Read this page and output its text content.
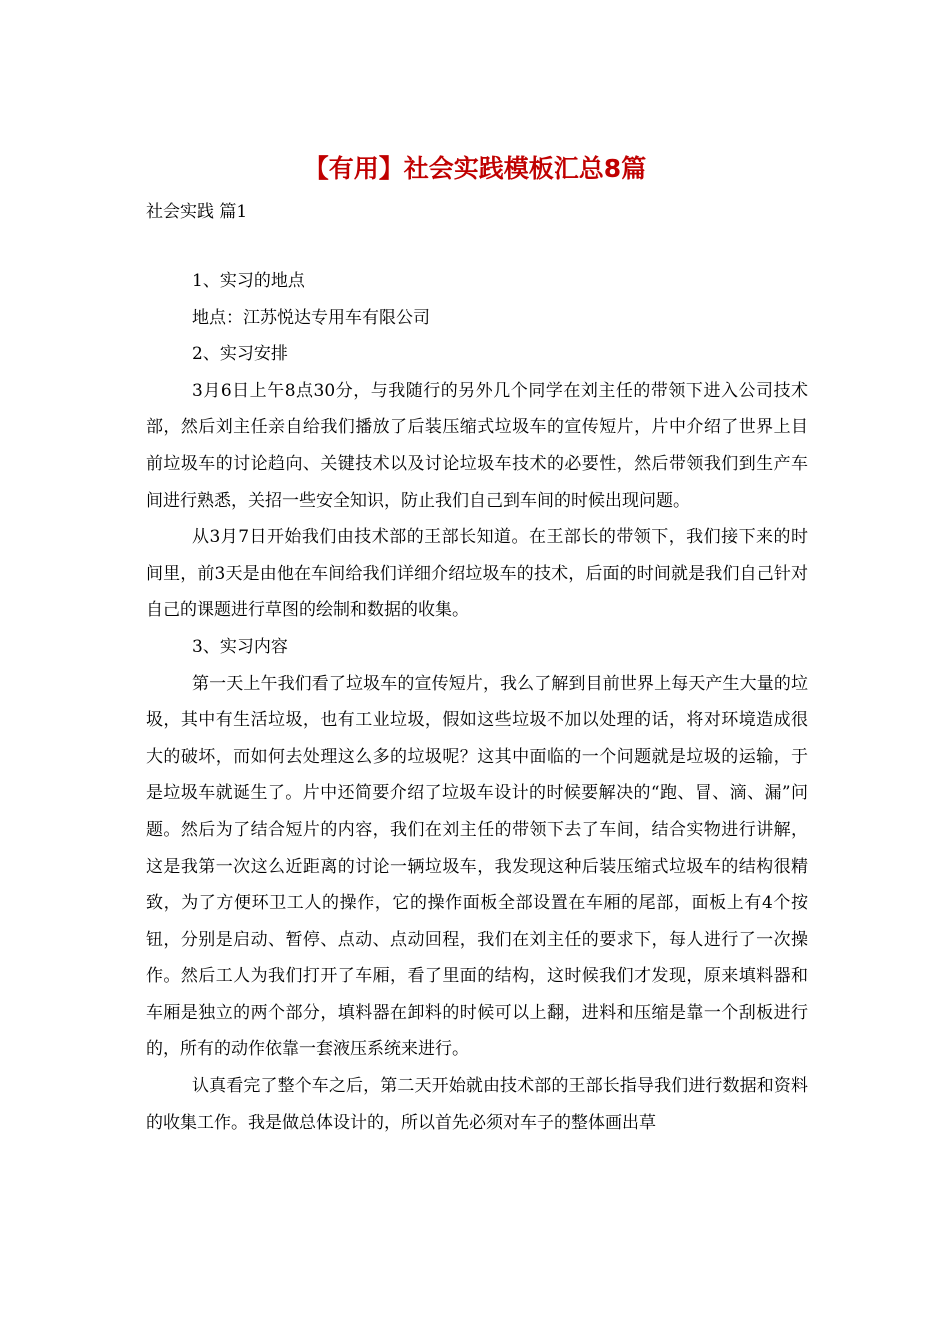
【有用】社会实践模板汇总8篇
社会实践 篇1

1、实习的地点

地点：江苏悦达专用车有限公司

2、实习安排

3月6日上午8点30分，与我随行的另外几个同学在刘主任的带领下进入公司技术部，然后刘主任亲自给我们播放了后装压缩式垃圾车的宣传短片，片中介绍了世界上目前垃圾车的讨论趋向、关键技术以及讨论垃圾车技术的必要性，然后带领我们到生产车间进行熟悉，关招一些安全知识，防止我们自己到车间的时候出现问题。

从3月7日开始我们由技术部的王部长知道。在王部长的带领下，我们接下来的时间里，前3天是由他在车间给我们详细介绍垃圾车的技术，后面的时间就是我们自己针对自己的课题进行草图的绘制和数据的收集。

3、实习内容

第一天上午我们看了垃圾车的宣传短片，我么了解到目前世界上每天产生大量的垃圾，其中有生活垃圾，也有工业垃圾，假如这些垃圾不加以处理的话，将对环境造成很大的破坏，而如何去处理这么多的垃圾呢？这其中面临的一个问题就是垃圾的运输，于是垃圾车就诞生了。片中还简要介绍了垃圾车设计的时候要解决的“跑、冒、滴、漏”问题。然后为了结合短片的内容，我们在刘主任的带领下去了车间，结合实物进行讲解，这是我第一次这么近距离的讨论一辆垃圾车，我发现这种后装压缩式垃圾车的结构很精致，为了方便环卫工人的操作，它的操作面板全部设置在车厢的尾部，面板上有4个按钮，分别是启动、暂停、点动、点动回程，我们在刘主任的要求下，每人进行了一次操作。然后工人为我们打开了车厢，看了里面的结构，这时候我们才发现，原来填料器和车厢是独立的两个部分，填料器在卸料的时候可以上翻，进料和压缩是靠一个刮板进行的，所有的动作依靠一套液压系统来进行。

认真看完了整个车之后，第二天开始就由技术部的王部长指导我们进行数据和资料的收集工作。我是做总体设计的，所以首先必须对车子的整体画出草
